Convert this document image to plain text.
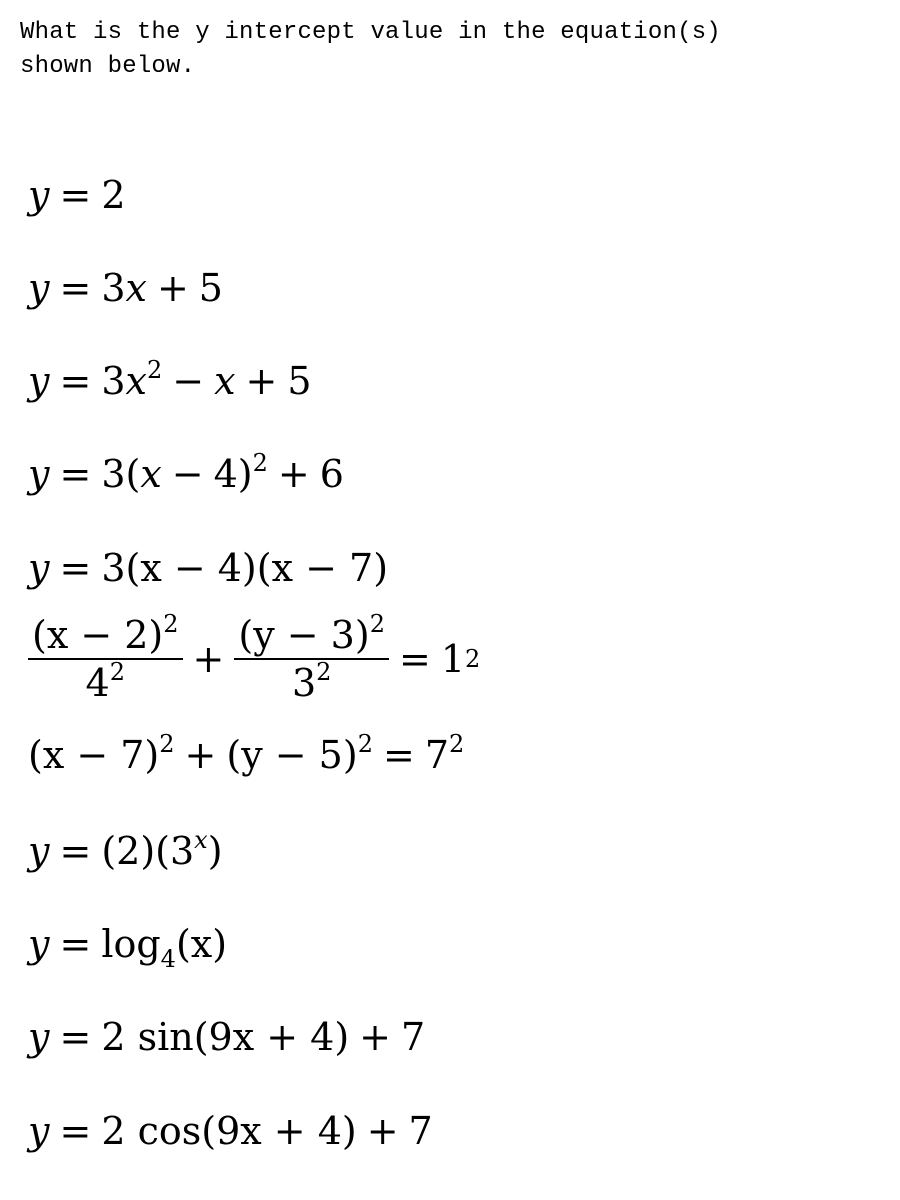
What is the y intercept value in the equation(s)
shown below.
y = 2
y = 3x + 5
$y = 3x^2 - x + 5$
$y = 3(x - 4)^2 + 6$
y = 3(x − 4)(x − 7)
$\frac{(x - 2)^2}{4^2} + \frac{(y - 3)^2}{3^2} = 1$ 2
$(x - 7)^2 + (y - 5)^2 = 7^2$
$y = (2)(3^x)$
$y = \log_4(x)$
y = 2 sin(9x + 4) + 7
y = 2 cos(9x + 4) + 7
